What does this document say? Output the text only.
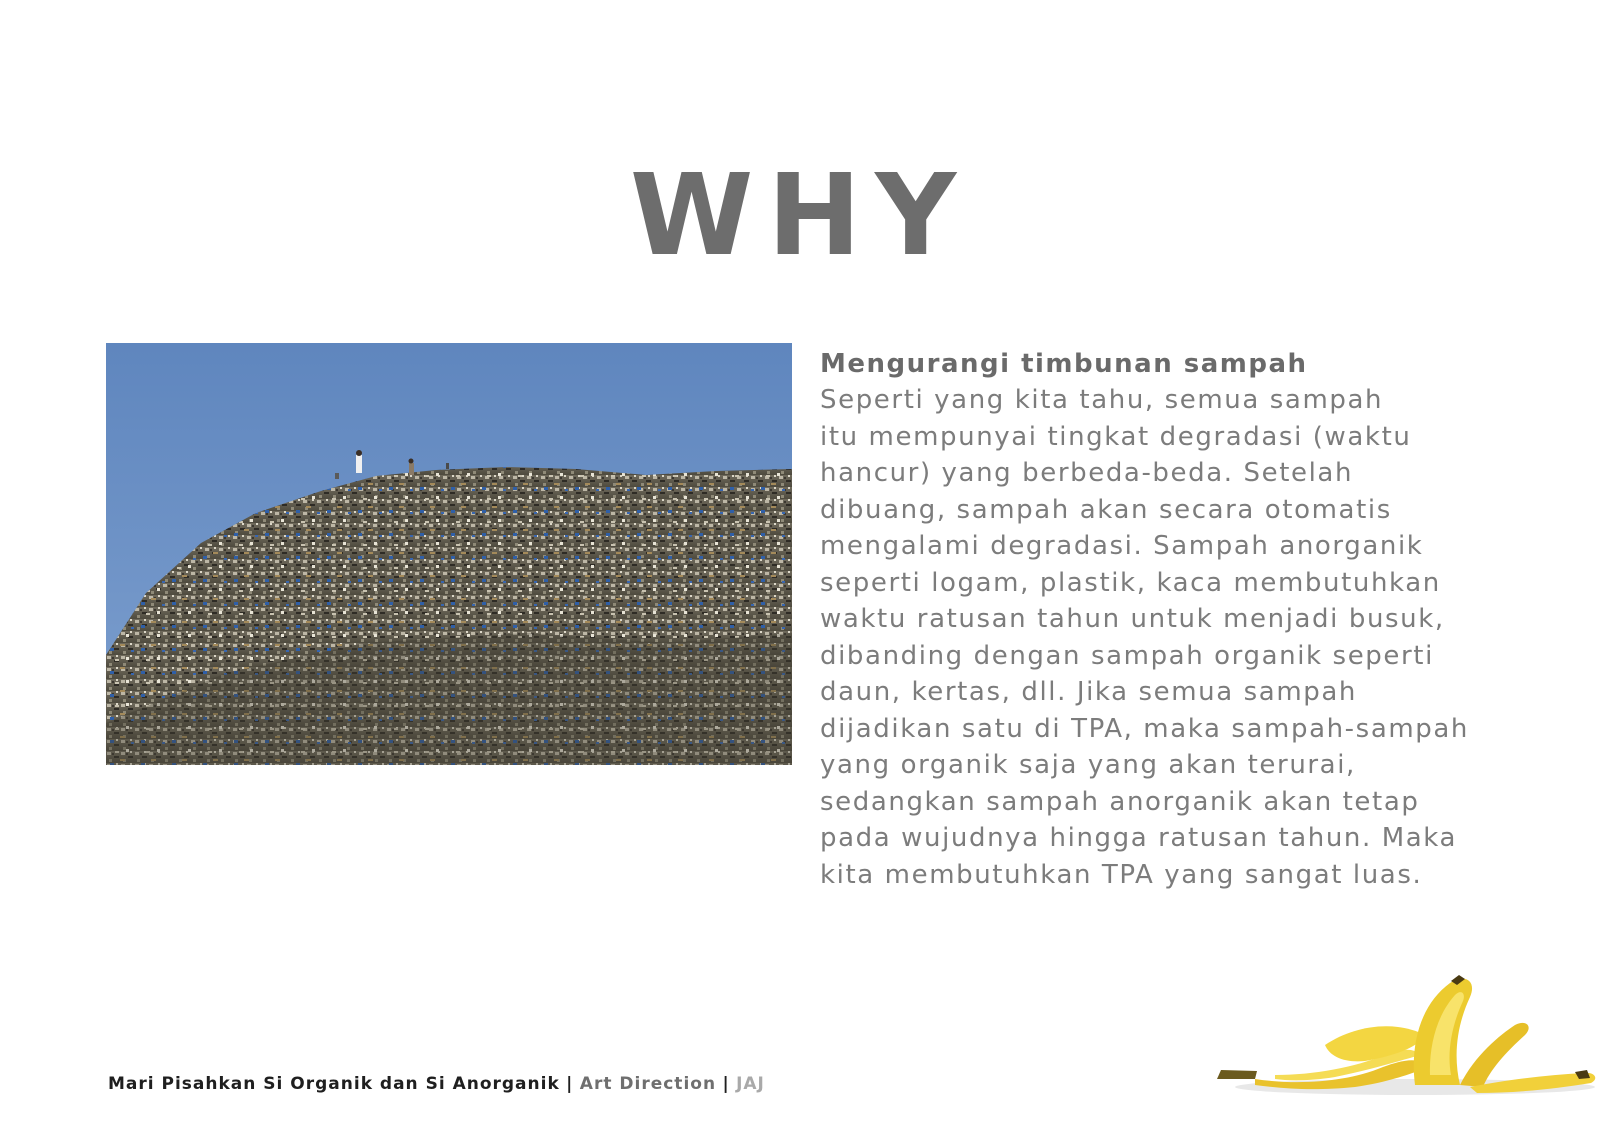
WHY
Mengurangi timbunan sampah
Seperti yang kita tahu, semua sampah
itu mempunyai tingkat degradasi (waktu
hancur) yang berbeda-beda. Setelah
dibuang, sampah akan secara otomatis
mengalami degradasi. Sampah anorganik
seperti logam, plastik, kaca membutuhkan
waktu ratusan tahun untuk menjadi busuk,
dibanding dengan sampah organik seperti
daun, kertas, dll. Jika semua sampah
dijadikan satu di TPA, maka sampah-sampah
yang organik saja yang akan terurai,
sedangkan sampah anorganik akan tetap
pada wujudnya hingga ratusan tahun. Maka
kita membutuhkan TPA yang sangat luas.
Mari Pisahkan Si Organik dan Si Anorganik | Art Direction | JAJ
